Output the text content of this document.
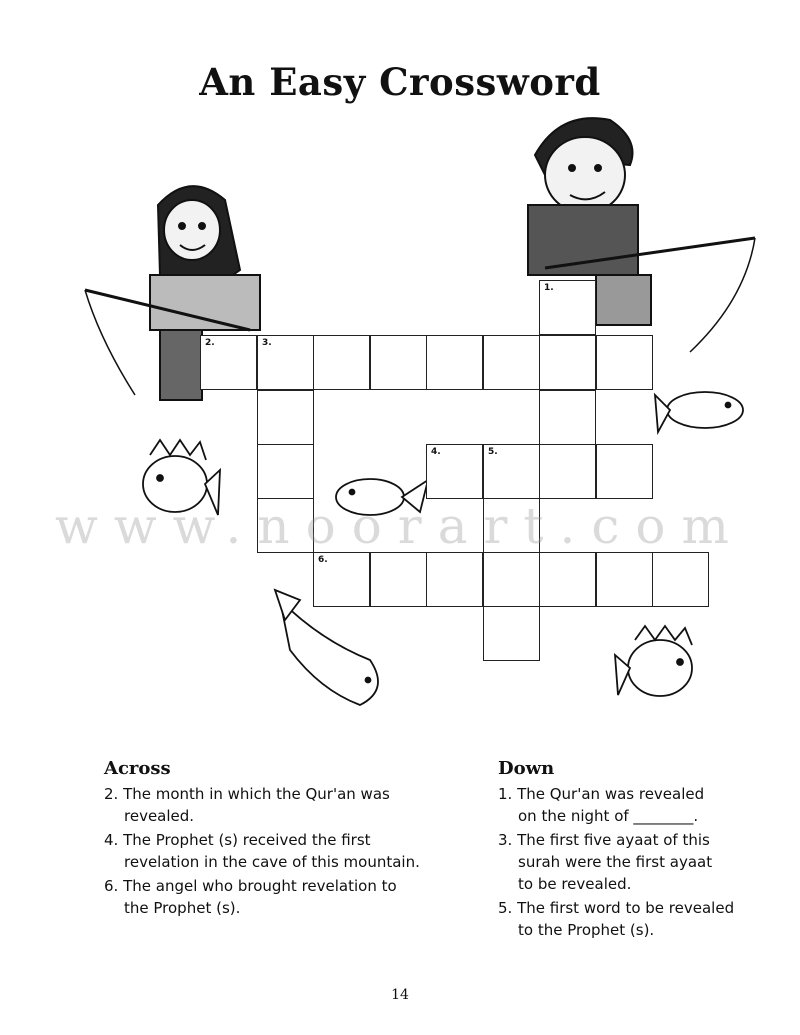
An Easy Crossword
1.
2.	3.
4.	5.
6.
www.noorart.com
Across
2. The month in which the Qur'an was
revealed.
4. The Prophet (s) received the first
revelation in the cave of this mountain.
6. The angel who brought revelation to
the Prophet (s).
Down
1. The Qur'an was revealed
on the night of ________.
3. The first five ayaat of this
surah were the first ayaat
to be revealed.
5. The first word to be revealed
to the Prophet (s).
14
